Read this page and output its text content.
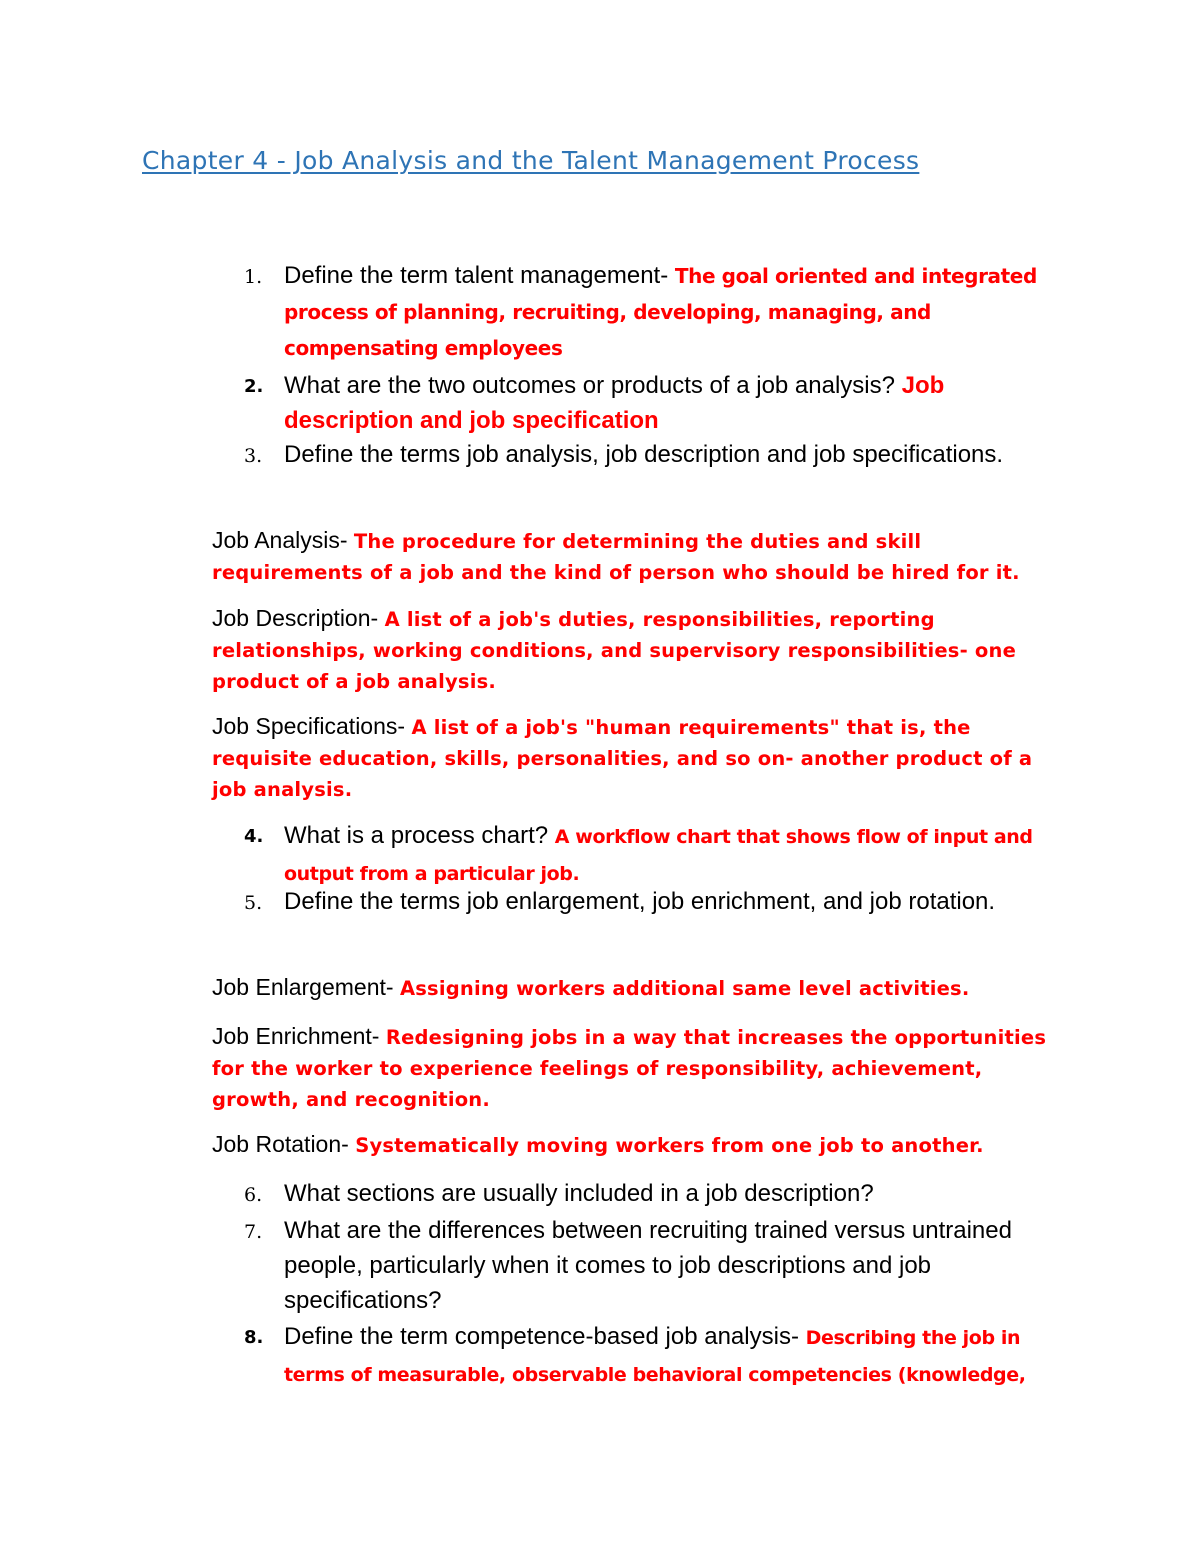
Chapter 4 - Job Analysis and the Talent Management Process
1. Define the term talent management- The goal oriented and integrated process of planning, recruiting, developing, managing, and compensating employees
2. What are the two outcomes or products of a job analysis? Job description and job specification
3. Define the terms job analysis, job description and job specifications.
Job Analysis- The procedure for determining the duties and skill requirements of a job and the kind of person who should be hired for it.
Job Description- A list of a job's duties, responsibilities, reporting relationships, working conditions, and supervisory responsibilities- one product of a job analysis.
Job Specifications- A list of a job's "human requirements" that is, the requisite education, skills, personalities, and so on- another product of a job analysis.
4. What is a process chart? A workflow chart that shows flow of input and output from a particular job.
5. Define the terms job enlargement, job enrichment, and job rotation.
Job Enlargement- Assigning workers additional same level activities.
Job Enrichment- Redesigning jobs in a way that increases the opportunities for the worker to experience feelings of responsibility, achievement, growth, and recognition.
Job Rotation- Systematically moving workers from one job to another.
6. What sections are usually included in a job description?
7. What are the differences between recruiting trained versus untrained people, particularly when it comes to job descriptions and job specifications?
8. Define the term competence-based job analysis- Describing the job in terms of measurable, observable behavioral competencies (knowledge,
